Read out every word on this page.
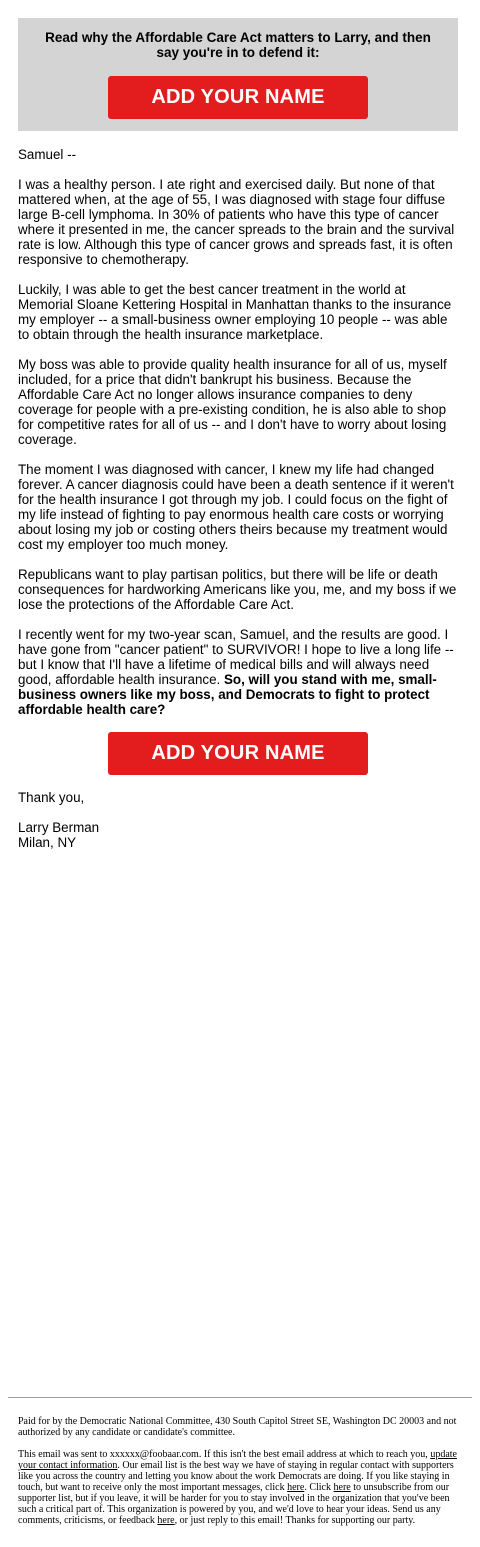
Read why the Affordable Care Act matters to Larry, and then say you're in to defend it:
ADD YOUR NAME

Samuel --

I was a healthy person. I ate right and exercised daily. But none of that mattered when, at the age of 55, I was diagnosed with stage four diffuse large B-cell lymphoma. In 30% of patients who have this type of cancer where it presented in me, the cancer spreads to the brain and the survival rate is low. Although this type of cancer grows and spreads fast, it is often responsive to chemotherapy.

Luckily, I was able to get the best cancer treatment in the world at Memorial Sloane Kettering Hospital in Manhattan thanks to the insurance my employer -- a small-business owner employing 10 people -- was able to obtain through the health insurance marketplace.

My boss was able to provide quality health insurance for all of us, myself included, for a price that didn't bankrupt his business. Because the Affordable Care Act no longer allows insurance companies to deny coverage for people with a pre-existing condition, he is also able to shop for competitive rates for all of us -- and I don't have to worry about losing coverage.

The moment I was diagnosed with cancer, I knew my life had changed forever. A cancer diagnosis could have been a death sentence if it weren't for the health insurance I got through my job. I could focus on the fight of my life instead of fighting to pay enormous health care costs or worrying about losing my job or costing others theirs because my treatment would cost my employer too much money.

Republicans want to play partisan politics, but there will be life or death consequences for hardworking Americans like you, me, and my boss if we lose the protections of the Affordable Care Act.

I recently went for my two-year scan, Samuel, and the results are good. I have gone from "cancer patient" to SURVIVOR! I hope to live a long life -- but I know that I'll have a lifetime of medical bills and will always need good, affordable health insurance. So, will you stand with me, small-business owners like my boss, and Democrats to fight to protect affordable health care?

ADD YOUR NAME

Thank you,

Larry Berman
Milan, NY

Paid for by the Democratic National Committee, 430 South Capitol Street SE, Washington DC 20003 and not authorized by any candidate or candidate's committee.

This email was sent to xxxxxx@foobaar.com. If this isn't the best email address at which to reach you, update your contact information. Our email list is the best way we have of staying in regular contact with supporters like you across the country and letting you know about the work Democrats are doing. If you like staying in touch, but want to receive only the most important messages, click here. Click here to unsubscribe from our supporter list, but if you leave, it will be harder for you to stay involved in the organization that you've been such a critical part of. This organization is powered by you, and we'd love to hear your ideas. Send us any comments, criticisms, or feedback here, or just reply to this email! Thanks for supporting our party.
